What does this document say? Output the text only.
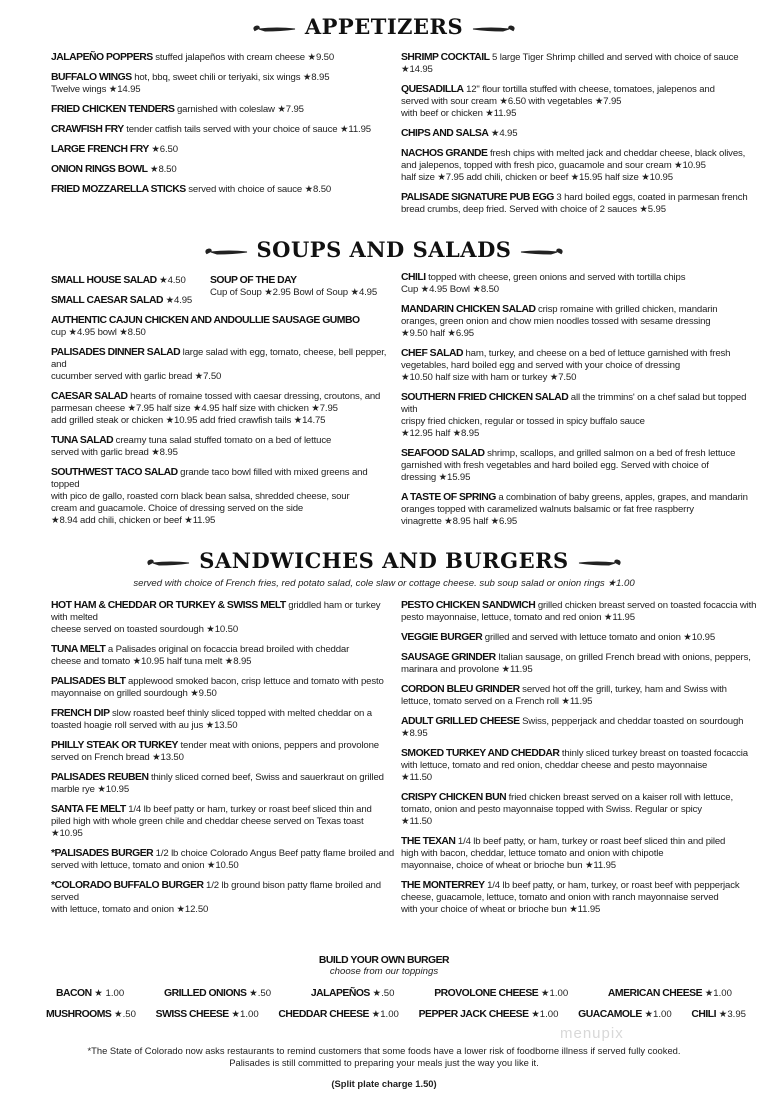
APPETIZERS
SOUPS AND SALADS
SANDWICHES AND BURGERS
JALAPEÑO POPPERS stuffed jalapeños with cream cheese ★9.50
BUFFALO WINGS hot, bbq, sweet chili or teriyaki, six wings ★8.95
Twelve wings ★14.95
FRIED CHICKEN TENDERS garnished with coleslaw ★7.95
CRAWFISH FRY tender catfish tails served with your choice of sauce ★11.95
LARGE FRENCH FRY ★6.50
ONION RINGS BOWL ★8.50
FRIED MOZZARELLA STICKS served with choice of sauce ★8.50
SHRIMP COCKTAIL 5 large Tiger Shrimp chilled and served with choice of sauce
★14.95
QUESADILLA 12" flour tortilla stuffed with cheese, tomatoes, jalepenos and
served with sour cream ★6.50 with vegetables ★7.95
with beef or chicken ★11.95
CHIPS AND SALSA ★4.95
NACHOS GRANDE fresh chips with melted jack and cheddar cheese, black olives,
and jalepenos, topped with fresh pico, guacamole and sour cream ★10.95
half size ★7.95 add chili, chicken or beef ★15.95 half size ★10.95
PALISADE SIGNATURE PUB EGG 3 hard boiled eggs, coated in parmesan french
bread crumbs, deep fried. Served with choice of 2 sauces ★5.95
SMALL HOUSE SALAD ★4.50
SMALL CAESAR SALAD ★4.95
SOUP OF THE DAY
Cup of Soup ★2.95 Bowl of Soup ★4.95
AUTHENTIC CAJUN CHICKEN AND ANDOULLIE SAUSAGE GUMBO
cup ★4.95 bowl ★8.50
PALISADES DINNER SALAD large salad with egg, tomato, cheese, bell pepper, and
cucumber served with garlic bread ★7.50
CAESAR SALAD hearts of romaine tossed with caesar dressing, croutons, and
parmesan cheese ★7.95 half size ★4.95 half size with chicken ★7.95
add grilled steak or chicken ★10.95 add fried crawfish tails ★14.75
TUNA SALAD creamy tuna salad stuffed tomato on a bed of lettuce
served with garlic bread ★8.95
SOUTHWEST TACO SALAD grande taco bowl filled with mixed greens and topped
with pico de gallo, roasted corn black bean salsa, shredded cheese, sour
cream and guacamole. Choice of dressing served on the side
★8.94 add chili, chicken or beef ★11.95
CHILI topped with cheese, green onions and served with tortilla chips
Cup ★4.95 Bowl ★8.50
MANDARIN CHICKEN SALAD crisp romaine with grilled chicken, mandarin
oranges, green onion and chow mien noodles tossed with sesame dressing
★9.50 half ★6.95
CHEF SALAD ham, turkey, and cheese on a bed of lettuce garnished with fresh
vegetables, hard boiled egg and served with your choice of dressing
★10.50 half size with ham or turkey ★7.50
SOUTHERN FRIED CHICKEN SALAD all the trimmins' on a chef salad but topped with
crispy fried chicken, regular or tossed in spicy buffalo sauce
★12.95 half ★8.95
SEAFOOD SALAD shrimp, scallops, and grilled salmon on a bed of fresh lettuce
garnished with fresh vegetables and hard boiled egg. Served with choice of
dressing ★15.95
A TASTE OF SPRING a combination of baby greens, apples, grapes, and mandarin
oranges topped with caramelized walnuts balsamic or fat free raspberry
vinagrette ★8.95 half ★6.95
served with choice of French fries, red potato salad, cole slaw or cottage cheese. sub soup salad or onion rings ★1.00
HOT HAM & CHEDDAR OR TURKEY & SWISS MELT griddled ham or turkey with melted
cheese served on toasted sourdough ★10.50
TUNA MELT a Palisades original on focaccia bread broiled with cheddar
cheese and tomato ★10.95 half tuna melt ★8.95
PALISADES BLT applewood smoked bacon, crisp lettuce and tomato with pesto
mayonnaise on grilled sourdough ★9.50
FRENCH DIP slow roasted beef thinly sliced topped with melted cheddar on a
toasted hoagie roll served with au jus ★13.50
PHILLY STEAK OR TURKEY tender meat with onions, peppers and provolone
served on French bread ★13.50
PALISADES REUBEN thinly sliced corned beef, Swiss and sauerkraut on grilled
marble rye ★10.95
SANTA FE MELT 1/4 lb beef patty or ham, turkey or roast beef sliced thin and
piled high with whole green chile and cheddar cheese served on Texas toast
★10.95
*PALISADES BURGER 1/2 lb choice Colorado Angus Beef patty flame broiled and
served with lettuce, tomato and onion ★10.50
*COLORADO BUFFALO BURGER 1/2 lb ground bison patty flame broiled and served
with lettuce, tomato and onion ★12.50
PESTO CHICKEN SANDWICH grilled chicken breast served on toasted focaccia with
pesto mayonnaise, lettuce, tomato and red onion ★11.95
VEGGIE BURGER grilled and served with lettuce tomato and onion ★10.95
SAUSAGE GRINDER Italian sausage, on grilled French bread with onions, peppers,
marinara and provolone ★11.95
CORDON BLEU GRINDER served hot off the grill, turkey, ham and Swiss with
lettuce, tomato served on a French roll ★11.95
ADULT GRILLED CHEESE Swiss, pepperjack and cheddar toasted on sourdough
★8.95
SMOKED TURKEY AND CHEDDAR thinly sliced turkey breast on toasted focaccia
with lettuce, tomato and red onion, cheddar cheese and pesto mayonnaise
★11.50
CRISPY CHICKEN BUN fried chicken breast served on a kaiser roll with lettuce,
tomato, onion and pesto mayonnaise topped with Swiss. Regular or spicy
★11.50
THE TEXAN 1/4 lb beef patty, or ham, turkey or roast beef sliced thin and piled
high with bacon, cheddar, lettuce tomato and onion with chipotle
mayonnaise, choice of wheat or brioche bun ★11.95
THE MONTERREY 1/4 lb beef patty, or ham, turkey, or roast beef with pepperjack
cheese, guacamole, lettuce, tomato and onion with ranch mayonnaise served
with your choice of wheat or brioche bun ★11.95
BUILD YOUR OWN BURGER
choose from our toppings
BACON ★ 1.00	GRILLED ONIONS ★.50	JALAPEÑOS ★.50	PROVOLONE CHEESE ★1.00	AMERICAN CHEESE ★1.00
MUSHROOMS ★.50 SWISS CHEESE ★1.00 CHEDDAR CHEESE ★1.00 PEPPER JACK CHEESE ★1.00 GUACAMOLE ★1.00 CHILI ★3.95
menupix
*The State of Colorado now asks restaurants to remind customers that some foods have a lower risk of foodborne illness if served fully cooked.
Palisades is still committed to preparing your meals just the way you like it.
(Split plate charge 1.50)
